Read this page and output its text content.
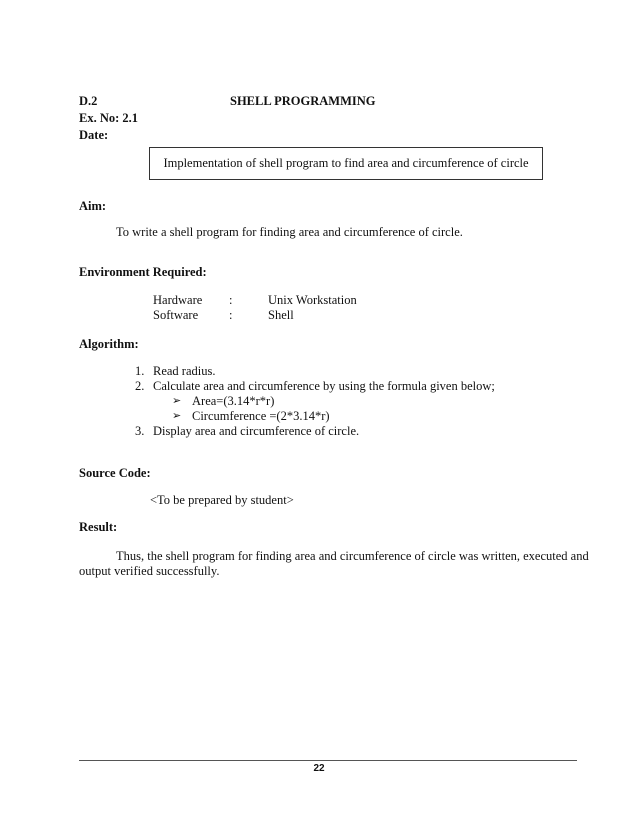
D.2	SHELL PROGRAMMING
Ex. No: 2.1
Date:
Implementation of shell program to find area and circumference of circle
Aim:
To write a shell program for finding area and circumference of circle.
Environment Required:
Hardware :	Unix Workstation
Software :	Shell
Algorithm:
1. Read radius.
2. Calculate area and circumference by using the formula given below;
➢ Area=(3.14*r*r)
➢ Circumference =(2*3.14*r)
3. Display area and circumference of circle.
Source Code:
<To be prepared by student>
Result:
Thus, the shell program for finding area and circumference of circle was written, executed and
output verified successfully.
22
